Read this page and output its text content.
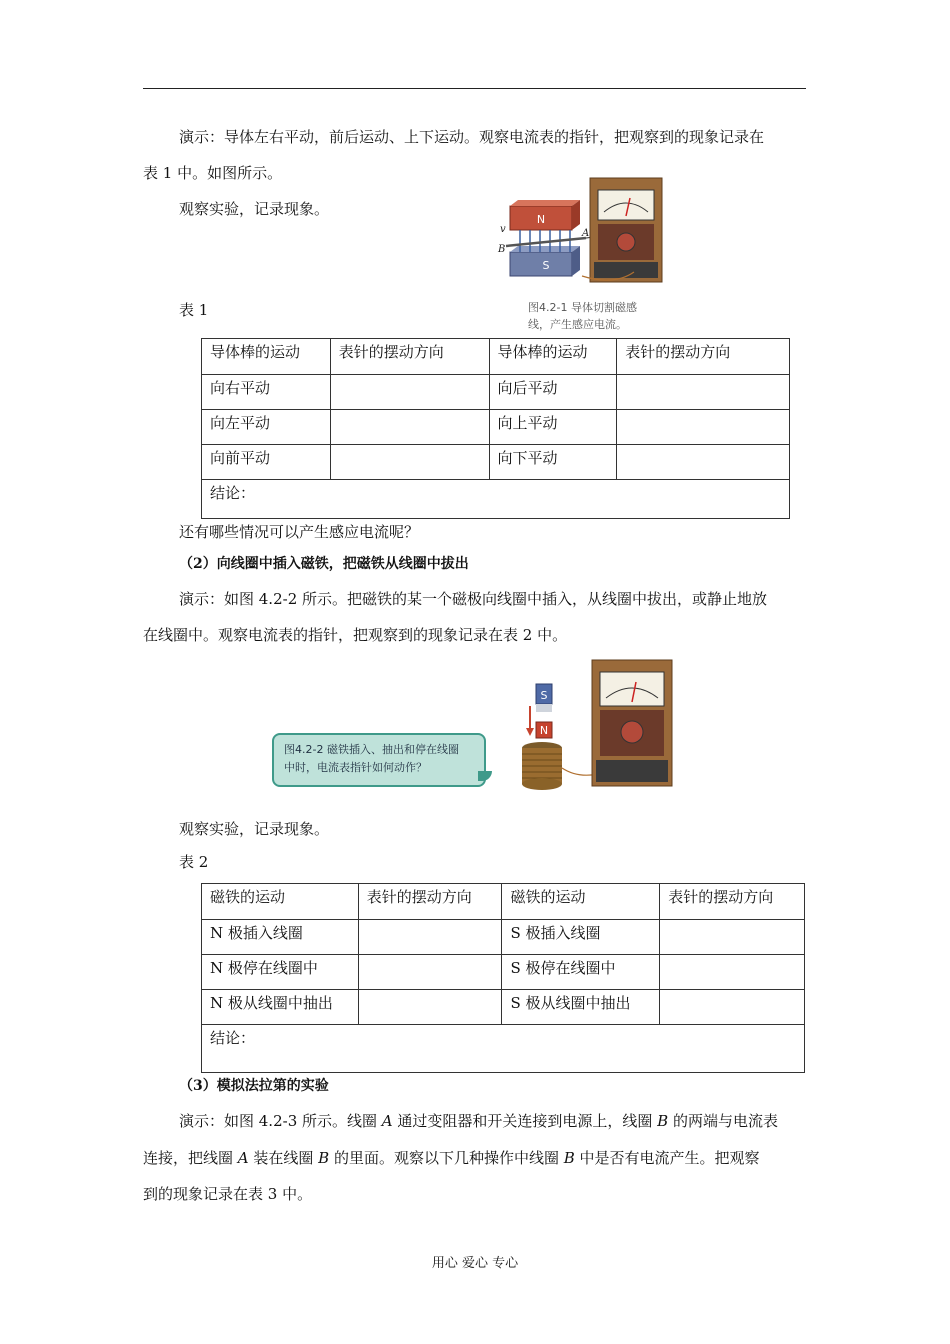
演示：导体左右平动，前后运动、上下运动。观察电流表的指针，把观察到的现象记录在

表 1 中。如图所示。

观察实验，记录现象。

N
S
v
B
A
图4.2-1 导体切割磁感
线，产生感应电流。

表 1

导体棒的运动	表针的摆动方向	导体棒的运动	表针的摆动方向
向右平动		向后平动	
向左平动		向上平动	
向前平动		向下平动	
结论：			

还有哪些情况可以产生感应电流呢？

（2）向线圈中插入磁铁，把磁铁从线圈中拔出

演示：如图 4.2-2 所示。把磁铁的某一个磁极向线圈中插入，从线圈中拔出，或静止地放

在线圈中。观察电流表的指针，把观察到的现象记录在表 2 中。

图4.2-2 磁铁插入、抽出和停在线圈
中时，电流表指针如何动作？
S
N

观察实验，记录现象。

表 2

磁铁的运动	表针的摆动方向	磁铁的运动	表针的摆动方向
N 极插入线圈		S 极插入线圈	
N 极停在线圈中		S 极停在线圈中	
N 极从线圈中抽出		S 极从线圈中抽出	
结论：			

（3）模拟法拉第的实验

演示：如图 4.2-3 所示。线圈 A 通过变阻器和开关连接到电源上，线圈 B 的两端与电流表

连接，把线圈 A 装在线圈 B 的里面。观察以下几种操作中线圈 B 中是否有电流产生。把观察

到的现象记录在表 3 中。

用心 爱心 专心
